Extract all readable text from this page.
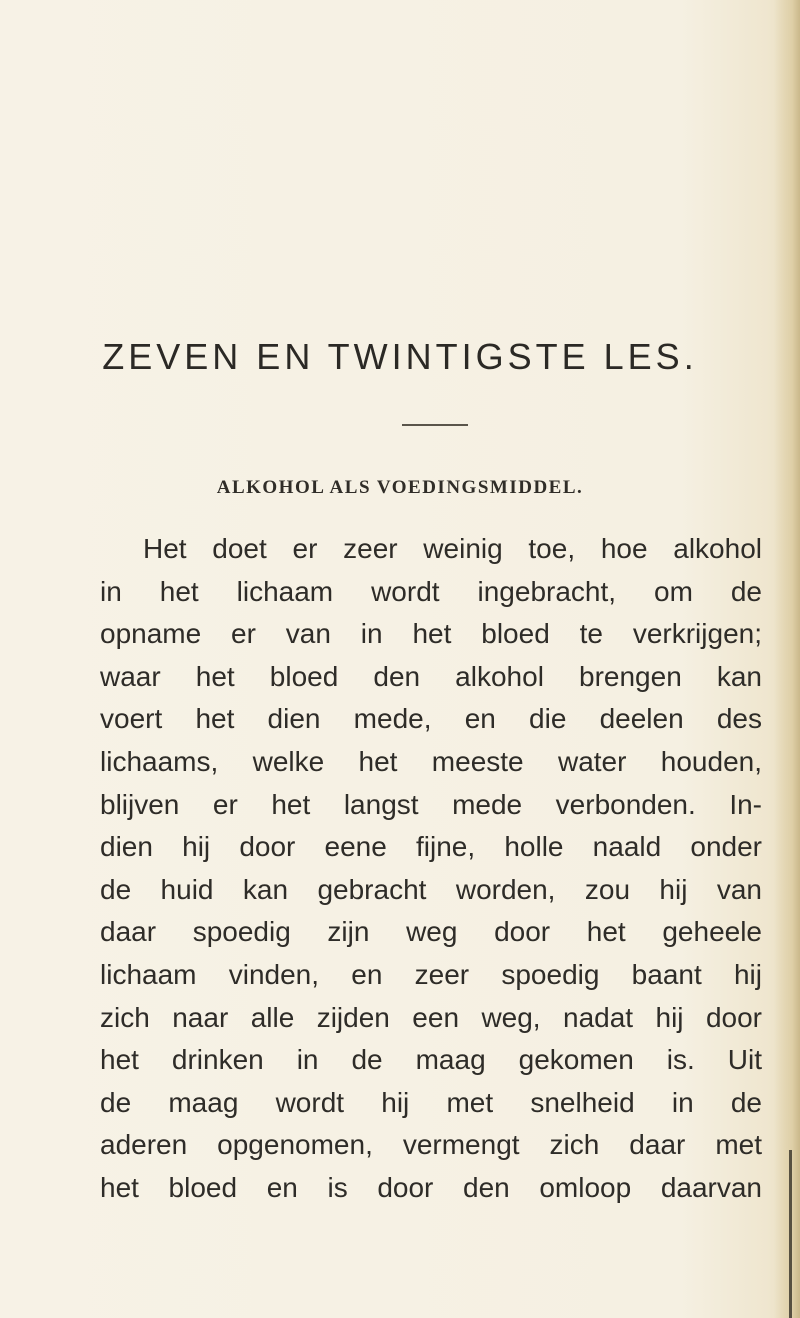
ZEVEN EN TWINTIGSTE LES.
ALKOHOL ALS VOEDINGSMIDDEL.
Het doet er zeer weinig toe, hoe alkohol
in het lichaam wordt ingebracht, om de
opname er van in het bloed te verkrijgen;
waar het bloed den alkohol brengen kan
voert het dien mede, en die deelen des
lichaams, welke het meeste water houden,
blijven er het langst mede verbonden. In-
dien hij door eene fijne, holle naald onder
de huid kan gebracht worden, zou hij van
daar spoedig zijn weg door het geheele
lichaam vinden, en zeer spoedig baant hij
zich naar alle zijden een weg, nadat hij door
het drinken in de maag gekomen is. Uit
de maag wordt hij met snelheid in de
aderen opgenomen, vermengt zich daar met
het bloed en is door den omloop daarvan
